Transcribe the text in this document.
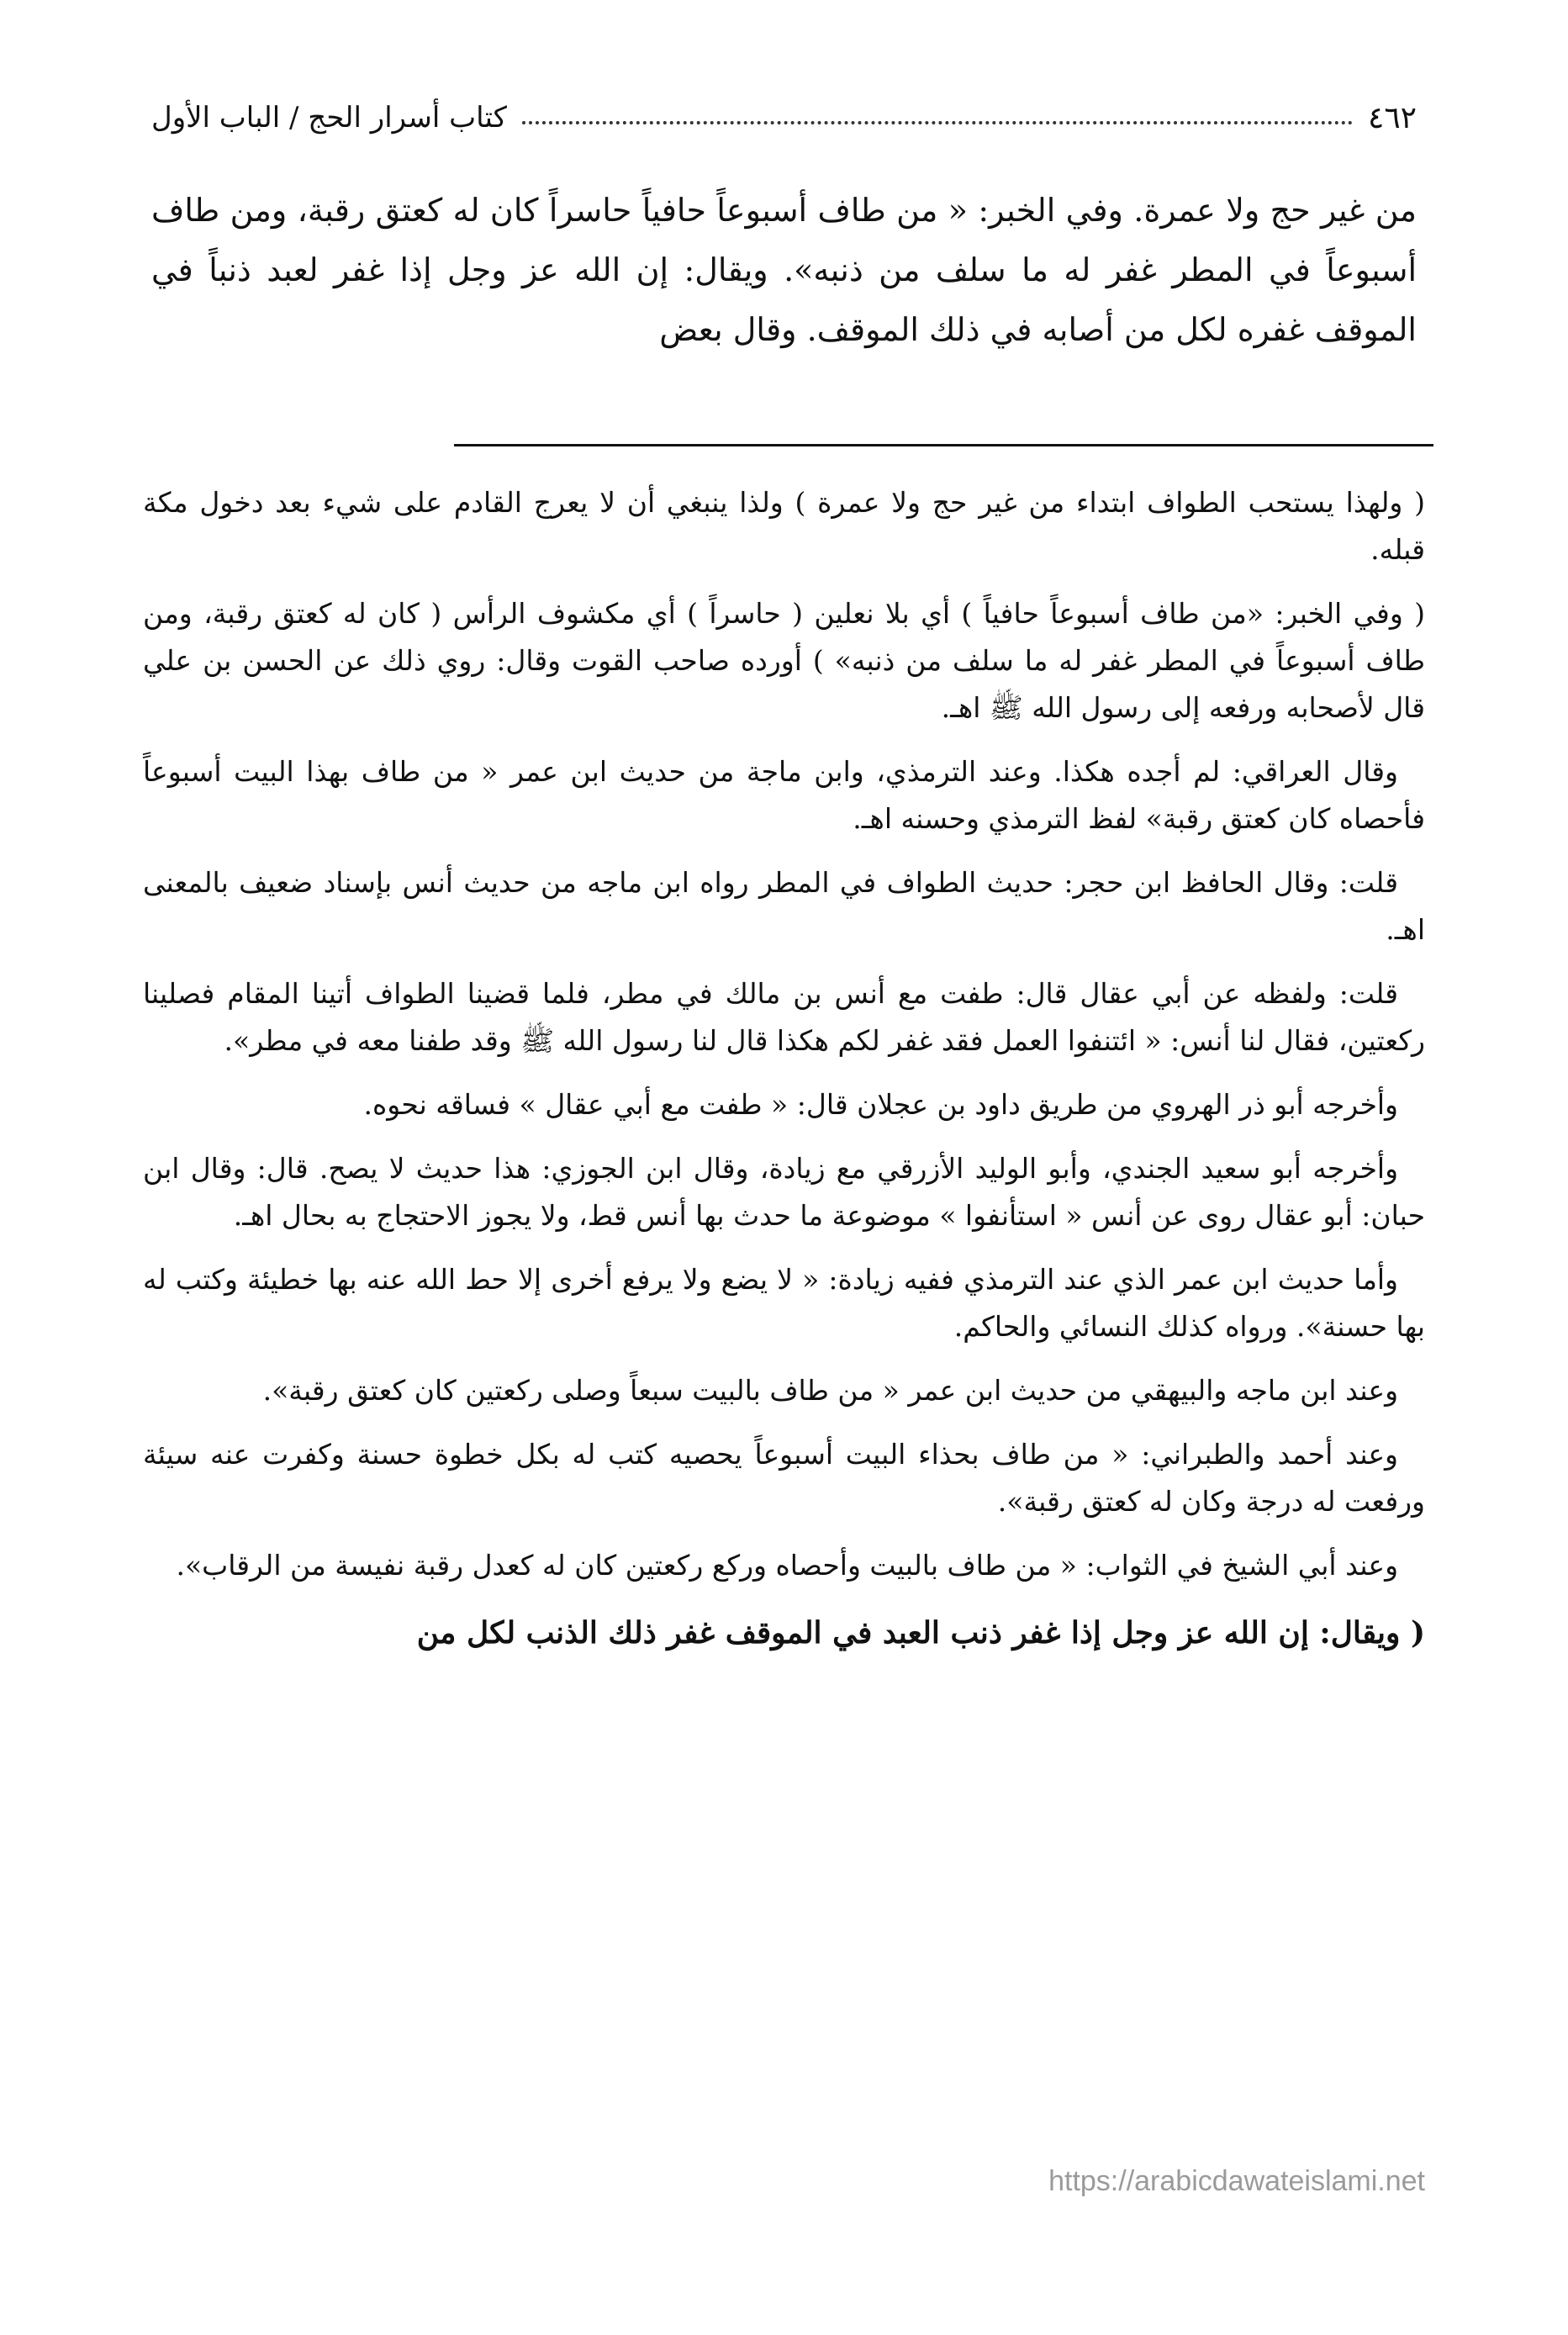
٤٦٢
كتاب أسرار الحج / الباب الأول
من غير حج ولا عمرة. وفي الخبر: « من طاف أسبوعاً حافياً حاسراً كان له كعتق رقبة، ومن طاف أسبوعاً في المطر غفر له ما سلف من ذنبه». ويقال: إن الله عز وجل إذا غفر لعبد ذنباً في الموقف غفره لكل من أصابه في ذلك الموقف. وقال بعض

( ولهذا يستحب الطواف ابتداء من غير حج ولا عمرة ) ولذا ينبغي أن لا يعرج القادم على شيء بعد دخول مكة قبله.

( وفي الخبر: «من طاف أسبوعاً حافياً ) أي بلا نعلين ( حاسراً ) أي مكشوف الرأس ( كان له كعتق رقبة، ومن طاف أسبوعاً في المطر غفر له ما سلف من ذنبه» ) أورده صاحب القوت وقال: روي ذلك عن الحسن بن علي قال لأصحابه ورفعه إلى رسول الله ﷺ اهـ.

وقال العراقي: لم أجده هكذا. وعند الترمذي، وابن ماجة من حديث ابن عمر « من طاف بهذا البيت أسبوعاً فأحصاه كان كعتق رقبة» لفظ الترمذي وحسنه اهـ.

قلت: وقال الحافظ ابن حجر: حديث الطواف في المطر رواه ابن ماجه من حديث أنس بإسناد ضعيف بالمعنى اهـ.

قلت: ولفظه عن أبي عقال قال: طفت مع أنس بن مالك في مطر، فلما قضينا الطواف أتينا المقام فصلينا ركعتين، فقال لنا أنس: « ائتنفوا العمل فقد غفر لكم هكذا قال لنا رسول الله ﷺ وقد طفنا معه في مطر».

وأخرجه أبو ذر الهروي من طريق داود بن عجلان قال: « طفت مع أبي عقال » فساقه نحوه.

وأخرجه أبو سعيد الجندي، وأبو الوليد الأزرقي مع زيادة، وقال ابن الجوزي: هذا حديث لا يصح. قال: وقال ابن حبان: أبو عقال روى عن أنس « استأنفوا » موضوعة ما حدث بها أنس قط، ولا يجوز الاحتجاج به بحال اهـ.

وأما حديث ابن عمر الذي عند الترمذي ففيه زيادة: « لا يضع ولا يرفع أخرى إلا حط الله عنه بها خطيئة وكتب له بها حسنة». ورواه كذلك النسائي والحاكم.

وعند ابن ماجه والبيهقي من حديث ابن عمر « من طاف بالبيت سبعاً وصلى ركعتين كان كعتق رقبة».

وعند أحمد والطبراني: « من طاف بحذاء البيت أسبوعاً يحصيه كتب له بكل خطوة حسنة وكفرت عنه سيئة ورفعت له درجة وكان له كعتق رقبة».

وعند أبي الشيخ في الثواب: « من طاف بالبيت وأحصاه وركع ركعتين كان له كعدل رقبة نفيسة من الرقاب».

( ويقال: إن الله عز وجل إذا غفر ذنب العبد في الموقف غفر ذلك الذنب لكل من

https://arabicdawateislami.net
